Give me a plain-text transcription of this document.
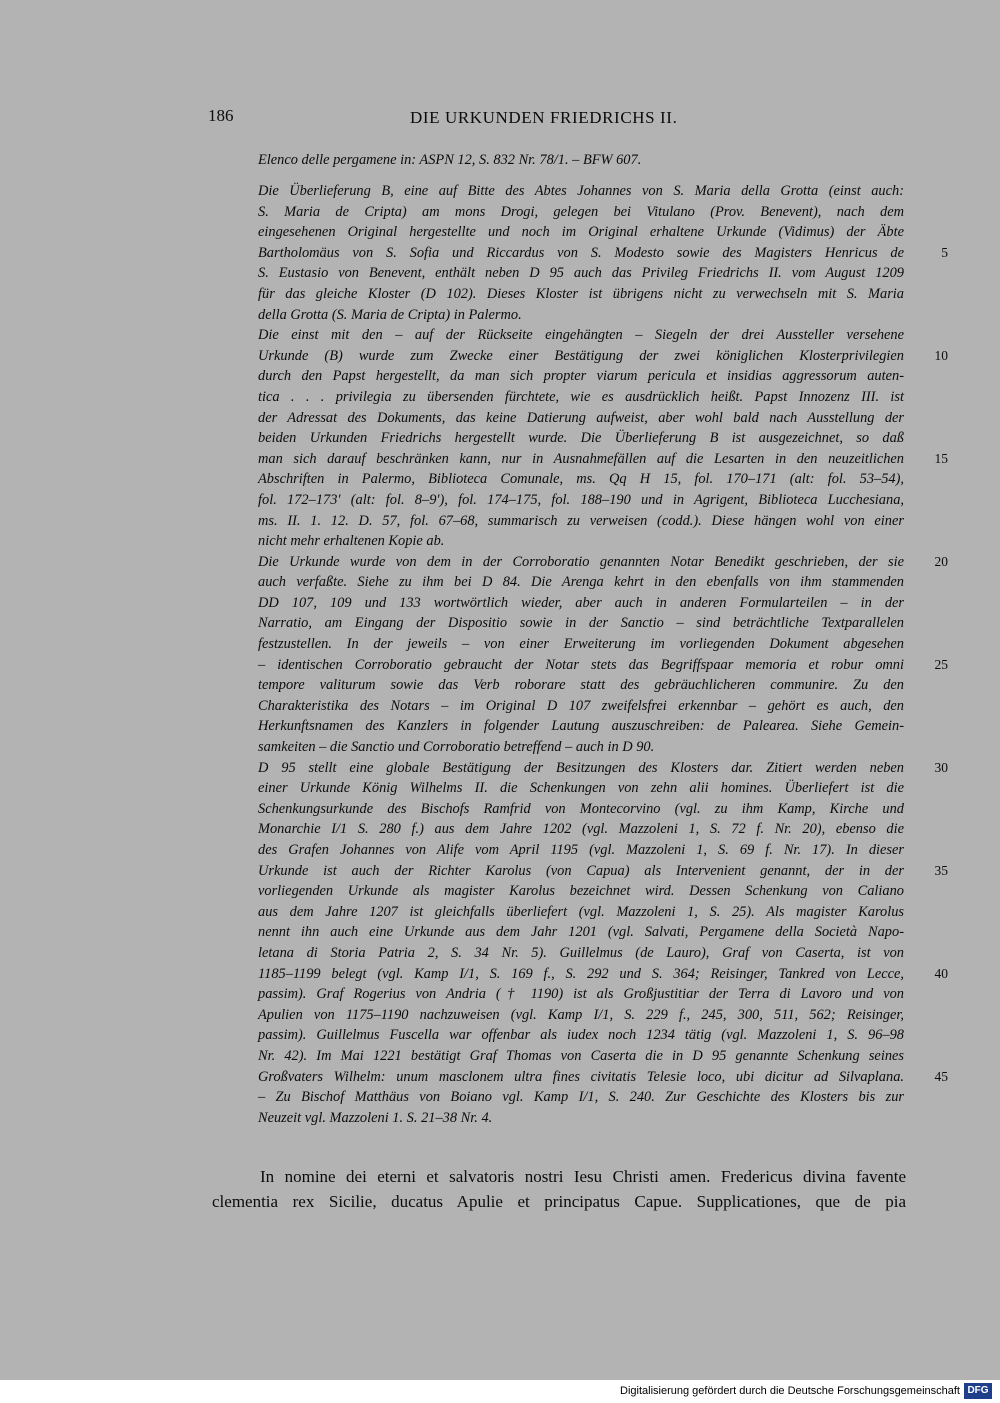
186	DIE URKUNDEN FRIEDRICHS II.
Elenco delle pergamene in: ASPN 12, S. 832 Nr. 78/1. – BFW 607.
Die Überlieferung B, eine auf Bitte des Abtes Johannes von S. Maria della Grotta (einst auch:
S. Maria de Cripta) am mons Drogi, gelegen bei Vitulano (Prov. Benevent), nach dem
eingesehenen Original hergestellte und noch im Original erhaltene Urkunde (Vidimus) der Äbte
Bartholomäus von S. Sofia und Riccardus von S. Modesto sowie des Magisters Henricus de
S. Eustasio von Benevent, enthält neben D 95 auch das Privileg Friedrichs II. vom August 1209
für das gleiche Kloster (D 102). Dieses Kloster ist übrigens nicht zu verwechseln mit S. Maria
della Grotta (S. Maria de Cripta) in Palermo.
Die einst mit den – auf der Rückseite eingehängten – Siegeln der drei Aussteller versehene
Urkunde (B) wurde zum Zwecke einer Bestätigung der zwei königlichen Klosterprivilegien
durch den Papst hergestellt, da man sich propter viarum pericula et insidias aggressorum auten-
tica . . . privilegia zu übersenden fürchtete, wie es ausdrücklich heißt. Papst Innozenz III. ist
der Adressat des Dokuments, das keine Datierung aufweist, aber wohl bald nach Ausstellung der
beiden Urkunden Friedrichs hergestellt wurde. Die Überlieferung B ist ausgezeichnet, so daß
man sich darauf beschränken kann, nur in Ausnahmefällen auf die Lesarten in den neuzeitlichen
Abschriften in Palermo, Biblioteca Comunale, ms. Qq H 15, fol. 170–171 (alt: fol. 53–54),
fol. 172–173' (alt: fol. 8–9'), fol. 174–175, fol. 188–190 und in Agrigent, Biblioteca Lucchesiana,
ms. II. 1. 12. D. 57, fol. 67–68, summarisch zu verweisen (codd.). Diese hängen wohl von einer
nicht mehr erhaltenen Kopie ab.
Die Urkunde wurde von dem in der Corroboratio genannten Notar Benedikt geschrieben, der sie
auch verfaßte. Siehe zu ihm bei D 84. Die Arenga kehrt in den ebenfalls von ihm stammenden
DD 107, 109 und 133 wortwörtlich wieder, aber auch in anderen Formularteilen – in der
Narratio, am Eingang der Dispositio sowie in der Sanctio – sind beträchtliche Textparallelen
festzustellen. In der jeweils – von einer Erweiterung im vorliegenden Dokument abgesehen
– identischen Corroboratio gebraucht der Notar stets das Begriffspaar memoria et robur omni
tempore valiturum sowie das Verb roborare statt des gebräuchlicheren communire. Zu den
Charakteristika des Notars – im Original D 107 zweifelsfrei erkennbar – gehört es auch, den
Herkunftsnamen des Kanzlers in folgender Lautung auszuschreiben: de Palearea. Siehe Gemein-
samkeiten – die Sanctio und Corroboratio betreffend – auch in D 90.
D 95 stellt eine globale Bestätigung der Besitzungen des Klosters dar. Zitiert werden neben
einer Urkunde König Wilhelms II. die Schenkungen von zehn alii homines. Überliefert ist die
Schenkungsurkunde des Bischofs Ramfrid von Montecorvino (vgl. zu ihm Kamp, Kirche und
Monarchie I/1 S. 280 f.) aus dem Jahre 1202 (vgl. Mazzoleni 1, S. 72 f. Nr. 20), ebenso die
des Grafen Johannes von Alife vom April 1195 (vgl. Mazzoleni 1, S. 69 f. Nr. 17). In dieser
Urkunde ist auch der Richter Karolus (von Capua) als Intervenient genannt, der in der
vorliegenden Urkunde als magister Karolus bezeichnet wird. Dessen Schenkung von Caliano
aus dem Jahre 1207 ist gleichfalls überliefert (vgl. Mazzoleni 1, S. 25). Als magister Karolus
nennt ihn auch eine Urkunde aus dem Jahr 1201 (vgl. Salvati, Pergamene della Società Napo-
letana di Storia Patria 2, S. 34 Nr. 5). Guillelmus (de Lauro), Graf von Caserta, ist von
1185–1199 belegt (vgl. Kamp I/1, S. 169 f., S. 292 und S. 364; Reisinger, Tankred von Lecce,
passim). Graf Rogerius von Andria († 1190) ist als Großjustitiar der Terra di Lavoro und von
Apulien von 1175–1190 nachzuweisen (vgl. Kamp I/1, S. 229 f., 245, 300, 511, 562; Reisinger,
passim). Guillelmus Fuscella war offenbar als iudex noch 1234 tätig (vgl. Mazzoleni 1, S. 96–98
Nr. 42). Im Mai 1221 bestätigt Graf Thomas von Caserta die in D 95 genannte Schenkung seines
Großvaters Wilhelm: unum masclonem ultra fines civitatis Telesie loco, ubi dicitur ad Silvaplana.
– Zu Bischof Matthäus von Boiano vgl. Kamp I/1, S. 240. Zur Geschichte des Klosters bis zur
Neuzeit vgl. Mazzoleni 1. S. 21–38 Nr. 4.
5
10
15
20
25
30
35
40
45
In nomine dei eterni et salvatoris nostri Iesu Christi amen. Fredericus divina favente
clementia rex Sicilie, ducatus Apulie et principatus Capue. Supplicationes, que de pia
Digitalisierung gefördert durch die Deutsche Forschungsgemeinschaft DFG
